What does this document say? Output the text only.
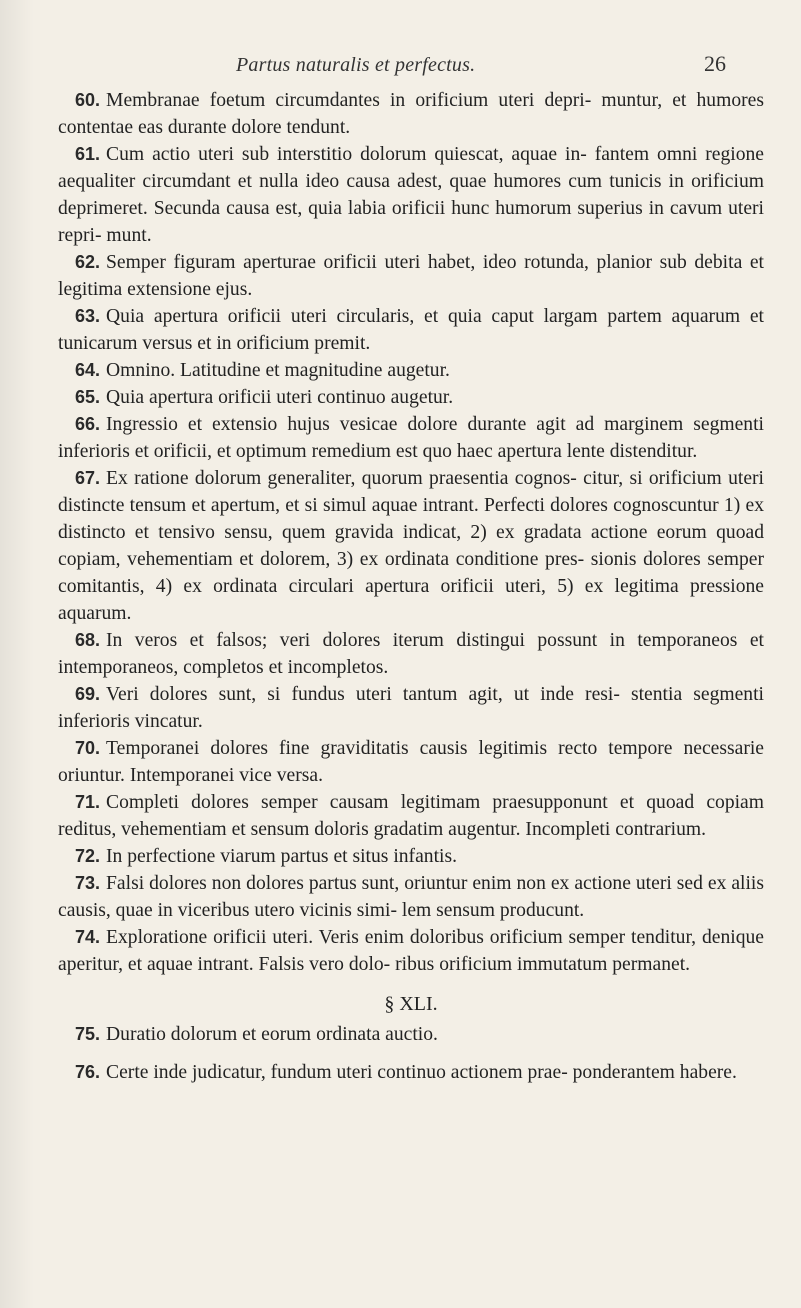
Partus naturalis et perfectus.	26

60. Membranae foetum circumdantes in orificium uteri depri- muntur, et humores contentae eas durante dolore tendunt.

61. Cum actio uteri sub interstitio dolorum quiescat, aquae in- fantem omni regione aequaliter circumdant et nulla ideo causa adest, quae humores cum tunicis in orificium deprimeret. Secunda causa est, quia labia orificii hunc humorum superius in cavum uteri repri- munt.

62. Semper figuram aperturae orificii uteri habet, ideo rotunda, planior sub debita et legitima extensione ejus.

63. Quia apertura orificii uteri circularis, et quia caput largam partem aquarum et tunicarum versus et in orificium premit.

64. Omnino. Latitudine et magnitudine augetur.

65. Quia apertura orificii uteri continuo augetur.

66. Ingressio et extensio hujus vesicae dolore durante agit ad marginem segmenti inferioris et orificii, et optimum remedium est quo haec apertura lente distenditur.

67. Ex ratione dolorum generaliter, quorum praesentia cognos- citur, si orificium uteri distincte tensum et apertum, et si simul aquae intrant. Perfecti dolores cognoscuntur 1) ex distincto et tensivo sensu, quem gravida indicat, 2) ex gradata actione eorum quoad copiam, vehementiam et dolorem, 3) ex ordinata conditione pres- sionis dolores semper comitantis, 4) ex ordinata circulari apertura orificii uteri, 5) ex legitima pressione aquarum.

68. In veros et falsos; veri dolores iterum distingui possunt in temporaneos et intemporaneos, completos et incompletos.

69. Veri dolores sunt, si fundus uteri tantum agit, ut inde resi- stentia segmenti inferioris vincatur.

70. Temporanei dolores fine graviditatis causis legitimis recto tempore necessarie oriuntur. Intemporanei vice versa.

71. Completi dolores semper causam legitimam praesupponunt et quoad copiam reditus, vehementiam et sensum doloris gradatim augentur. Incompleti contrarium.

72. In perfectione viarum partus et situs infantis.

73. Falsi dolores non dolores partus sunt, oriuntur enim non ex actione uteri sed ex aliis causis, quae in viceribus utero vicinis simi- lem sensum producunt.

74. Exploratione orificii uteri. Veris enim doloribus orificium semper tenditur, denique aperitur, et aquae intrant. Falsis vero dolo- ribus orificium immutatum permanet.

§ XLI.

75. Duratio dolorum et eorum ordinata auctio.

76. Certe inde judicatur, fundum uteri continuo actionem prae- ponderantem habere.
